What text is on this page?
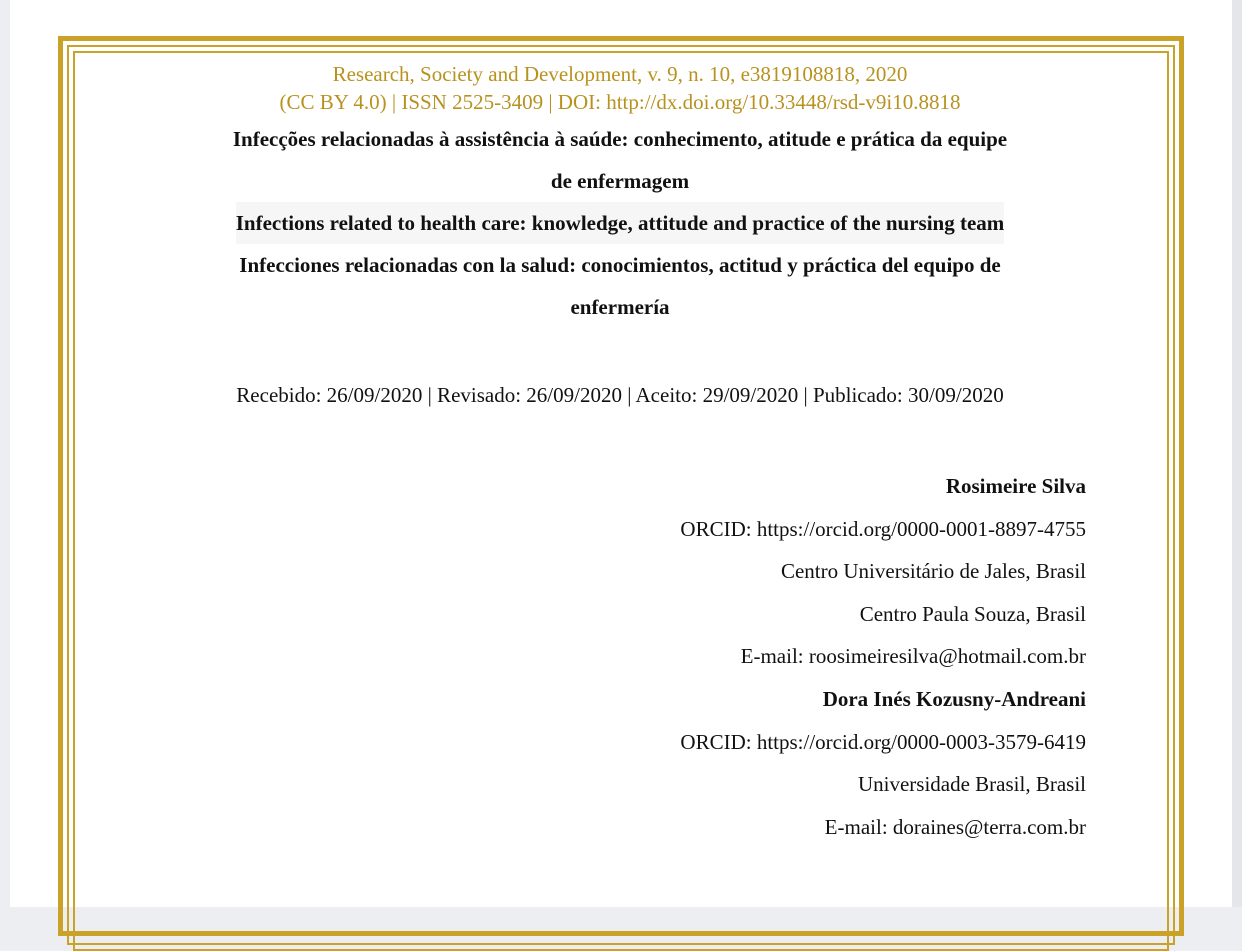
Research, Society and Development, v. 9, n. 10, e3819108818, 2020
(CC BY 4.0) | ISSN 2525-3409 | DOI: http://dx.doi.org/10.33448/rsd-v9i10.8818
Infecções relacionadas à assistência à saúde: conhecimento, atitude e prática da equipe
de enfermagem
Infections related to health care: knowledge, attitude and practice of the nursing team
Infecciones relacionadas con la salud: conocimientos, actitud y práctica del equipo de
enfermería
Recebido: 26/09/2020 | Revisado: 26/09/2020 | Aceito: 29/09/2020 | Publicado: 30/09/2020
Rosimeire Silva
ORCID: https://orcid.org/0000-0001-8897-4755
Centro Universitário de Jales, Brasil
Centro Paula Souza, Brasil
E-mail: roosimeiresilva@hotmail.com.br
Dora Inés Kozusny-Andreani
ORCID: https://orcid.org/0000-0003-3579-6419
Universidade Brasil, Brasil
E-mail: doraines@terra.com.br
